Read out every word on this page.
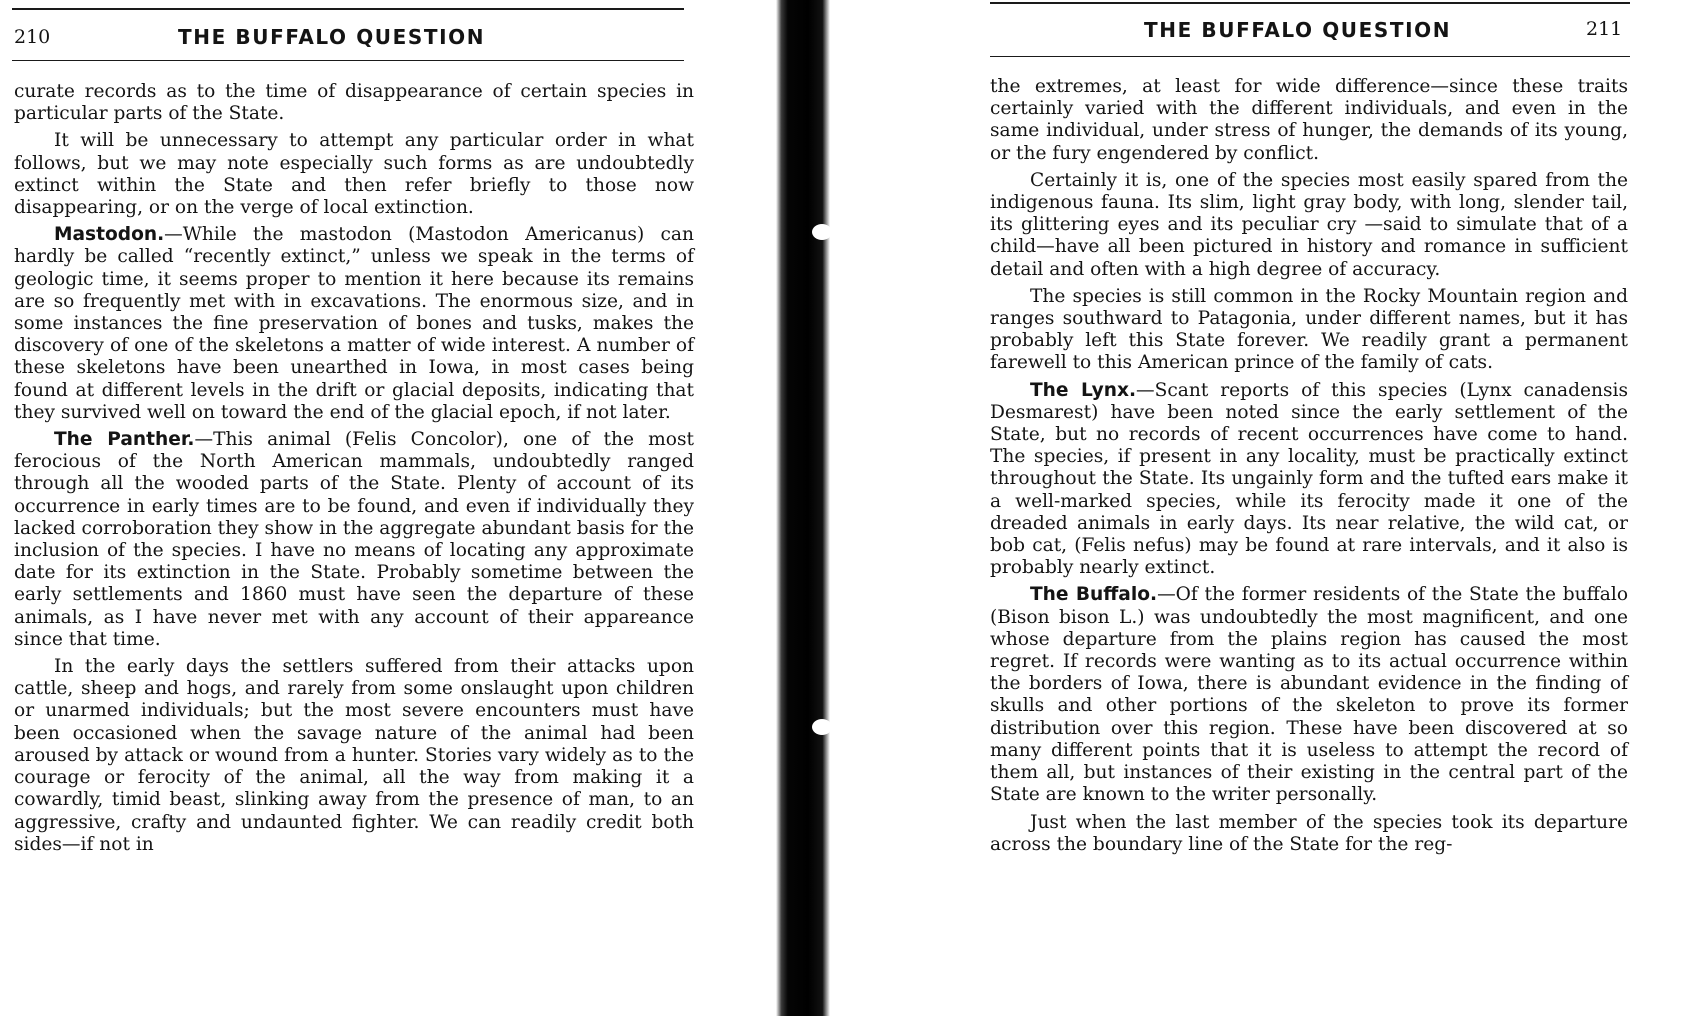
210	THE BUFFALO QUESTION

curate records as to the time of disappearance of certain species in particular parts of the State.

It will be unnecessary to attempt any particular order in what follows, but we may note especially such forms as are undoubtedly extinct within the State and then refer briefly to those now disappearing, or on the verge of local extinction.

Mastodon.—While the mastodon (Mastodon Americanus) can hardly be called “recently extinct,” unless we speak in the terms of geologic time, it seems proper to mention it here because its remains are so frequently met with in excavations. The enormous size, and in some instances the fine preservation of bones and tusks, makes the discovery of one of the skeletons a matter of wide interest. A number of these skeletons have been unearthed in Iowa, in most cases being found at different levels in the drift or glacial deposits, indicating that they survived well on toward the end of the glacial epoch, if not later.

The Panther.—This animal (Felis Concolor), one of the most ferocious of the North American mammals, undoubtedly ranged through all the wooded parts of the State. Plenty of account of its occurrence in early times are to be found, and even if individually they lacked corroboration they show in the aggregate abundant basis for the inclusion of the species. I have no means of locating any approximate date for its extinction in the State. Probably sometime between the early settlements and 1860 must have seen the departure of these animals, as I have never met with any account of their appareance since that time.

In the early days the settlers suffered from their attacks upon cattle, sheep and hogs, and rarely from some onslaught upon children or unarmed individuals; but the most severe encounters must have been occasioned when the savage nature of the animal had been aroused by attack or wound from a hunter. Stories vary widely as to the courage or ferocity of the animal, all the way from making it a cowardly, timid beast, slinking away from the presence of man, to an aggressive, crafty and undaunted fighter. We can readily credit both sides—if not in

THE BUFFALO QUESTION	211

the extremes, at least for wide difference—since these traits certainly varied with the different individuals, and even in the same individual, under stress of hunger, the demands of its young, or the fury engendered by conflict.

Certainly it is, one of the species most easily spared from the indigenous fauna. Its slim, light gray body, with long, slender tail, its glittering eyes and its peculiar cry —said to simulate that of a child—have all been pictured in history and romance in sufficient detail and often with a high degree of accuracy.

The species is still common in the Rocky Mountain region and ranges southward to Patagonia, under different names, but it has probably left this State forever. We readily grant a permanent farewell to this American prince of the family of cats.

The Lynx.—Scant reports of this species (Lynx canadensis Desmarest) have been noted since the early settlement of the State, but no records of recent occurrences have come to hand. The species, if present in any locality, must be practically extinct throughout the State. Its ungainly form and the tufted ears make it a well-marked species, while its ferocity made it one of the dreaded animals in early days. Its near relative, the wild cat, or bob cat, (Felis nefus) may be found at rare intervals, and it also is probably nearly extinct.

The Buffalo.—Of the former residents of the State the buffalo (Bison bison L.) was undoubtedly the most magnificent, and one whose departure from the plains region has caused the most regret. If records were wanting as to its actual occurrence within the borders of Iowa, there is abundant evidence in the finding of skulls and other portions of the skeleton to prove its former distribution over this region. These have been discovered at so many different points that it is useless to attempt the record of them all, but instances of their existing in the central part of the State are known to the writer personally.

Just when the last member of the species took its departure across the boundary line of the State for the reg-
